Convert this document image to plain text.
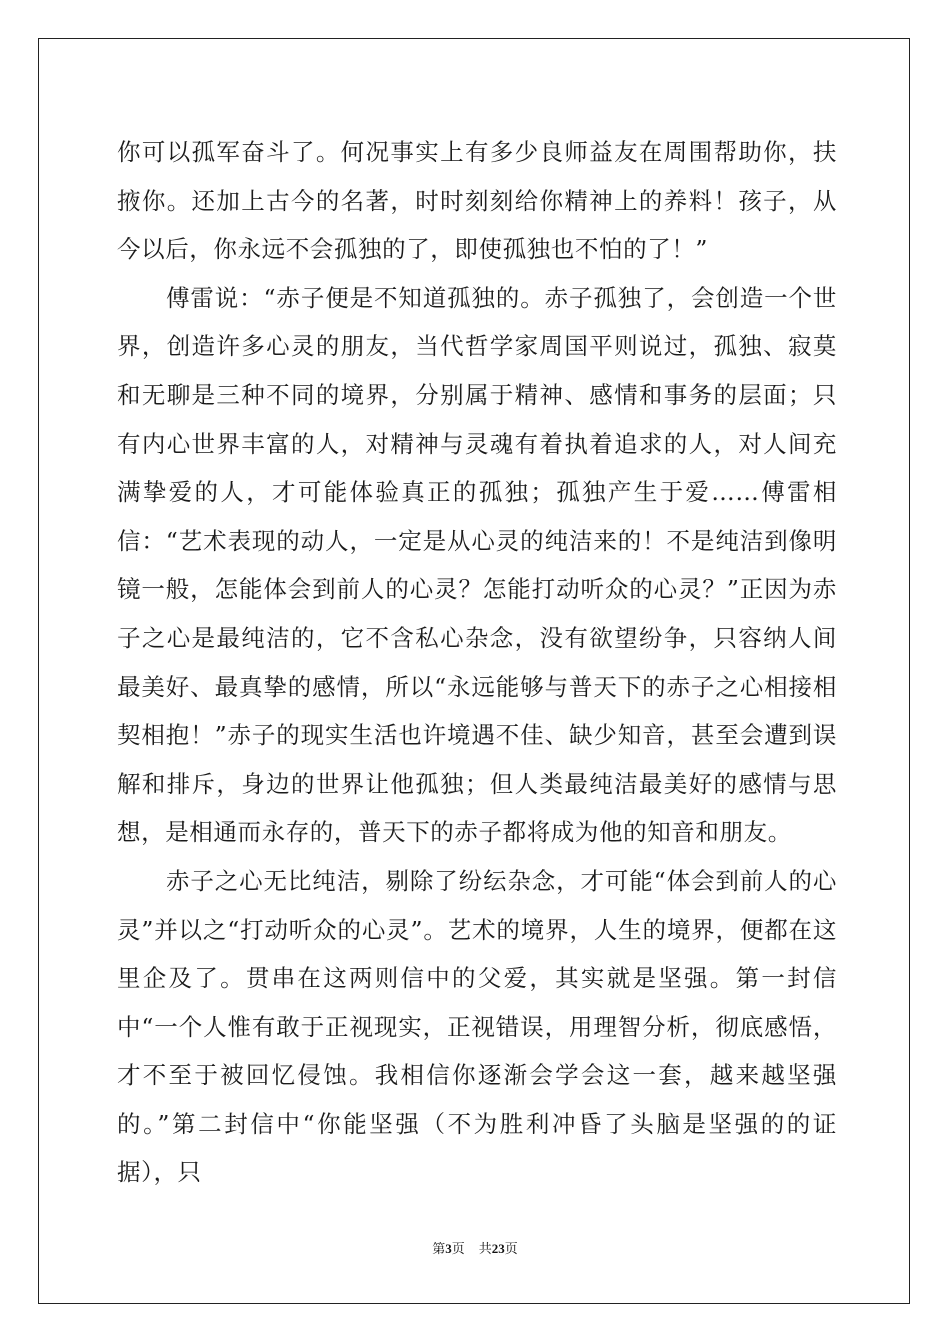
你可以孤军奋斗了。何况事实上有多少良师益友在周围帮助你，扶掖你。还加上古今的名著，时时刻刻给你精神上的养料！孩子，从今以后，你永远不会孤独的了，即使孤独也不怕的了！”

傅雷说：“赤子便是不知道孤独的。赤子孤独了，会创造一个世界，创造许多心灵的朋友，当代哲学家周国平则说过，孤独、寂莫和无聊是三种不同的境界，分别属于精神、感情和事务的层面；只有内心世界丰富的人，对精神与灵魂有着执着追求的人，对人间充满挚爱的人，才可能体验真正的孤独；孤独产生于爱……傅雷相信：“艺术表现的动人，一定是从心灵的纯洁来的！不是纯洁到像明镜一般，怎能体会到前人的心灵？怎能打动听众的心灵？”正因为赤子之心是最纯洁的，它不含私心杂念，没有欲望纷争，只容纳人间最美好、最真挚的感情，所以“永远能够与普天下的赤子之心相接相契相抱！”赤子的现实生活也许境遇不佳、缺少知音，甚至会遭到误解和排斥，身边的世界让他孤独；但人类最纯洁最美好的感情与思想，是相通而永存的，普天下的赤子都将成为他的知音和朋友。

赤子之心无比纯洁，剔除了纷纭杂念，才可能“体会到前人的心灵”并以之“打动听众的心灵”。艺术的境界，人生的境界，便都在这里企及了。贯串在这两则信中的父爱，其实就是坚强。第一封信中“一个人惟有敢于正视现实，正视错误，用理智分析，彻底感悟，才不至于被回忆侵蚀。我相信你逐渐会学会这一套，越来越坚强的。”第二封信中“你能坚强（不为胜利冲昏了头脑是坚强的的证据），只

第3页 共23页
